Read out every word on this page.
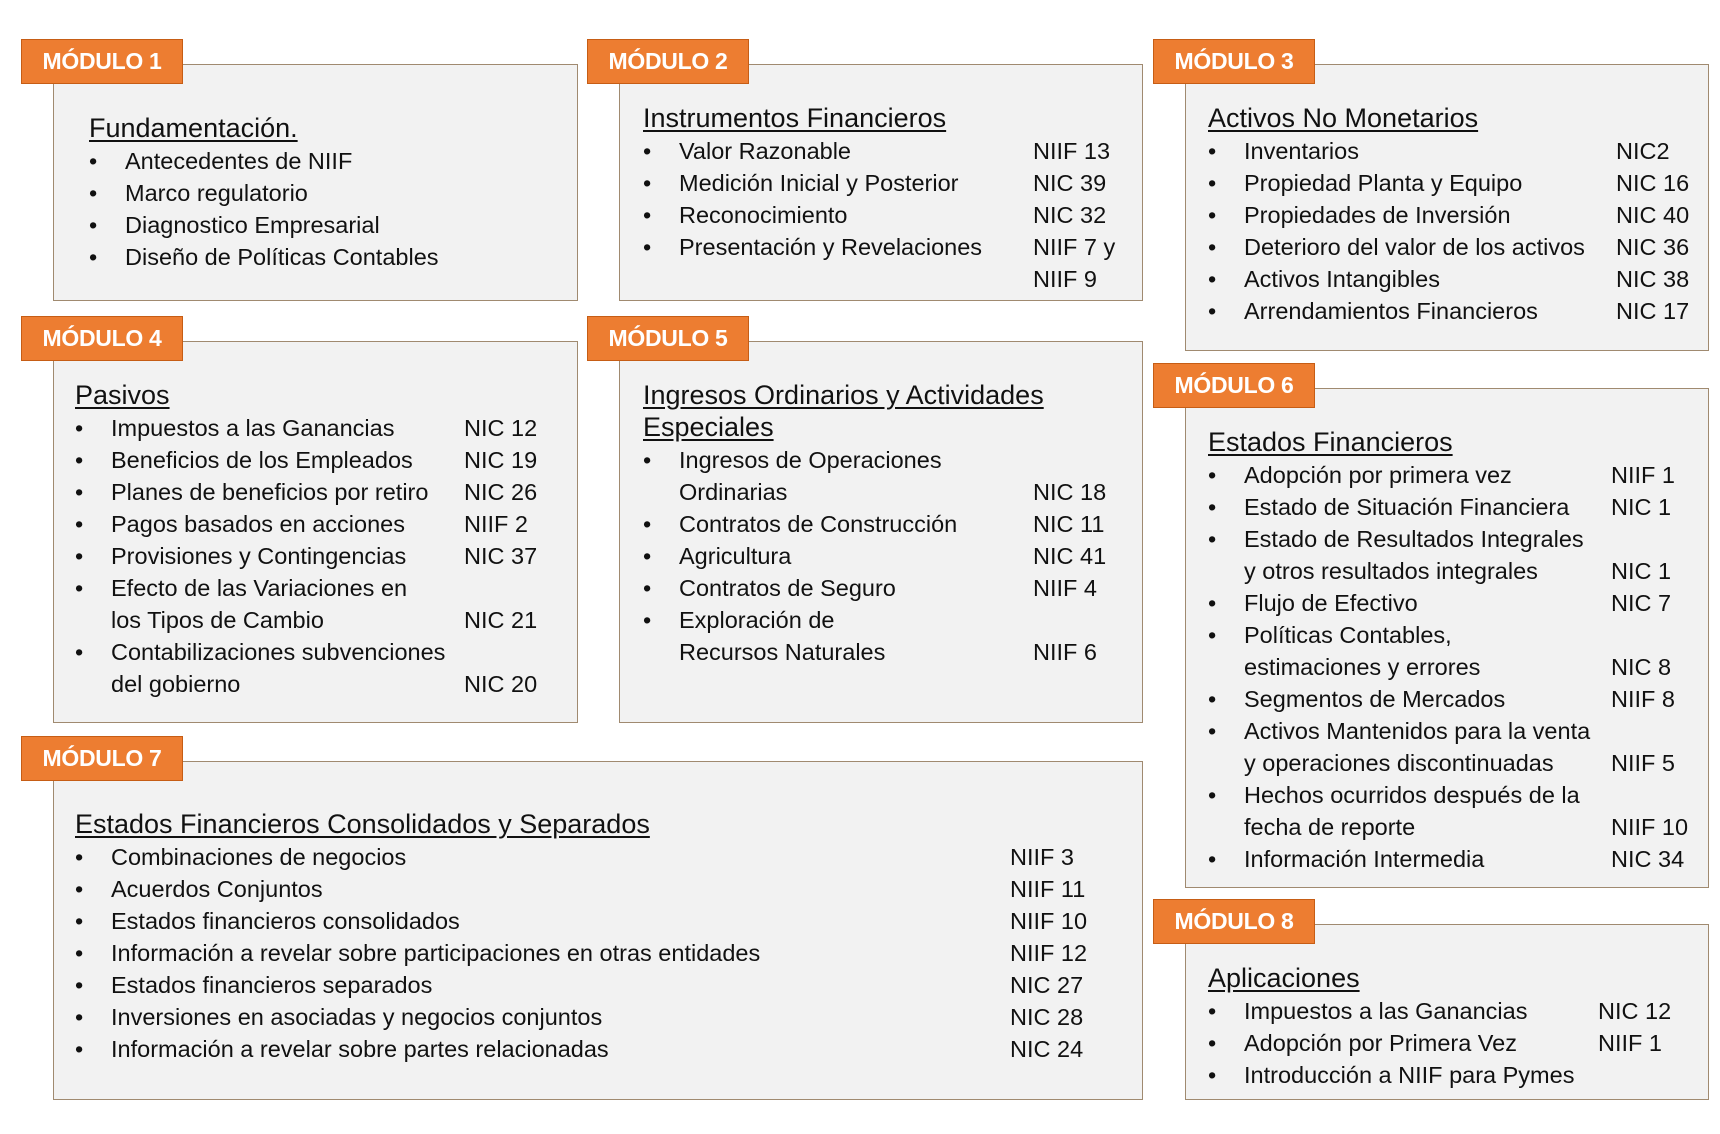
MÓDULO 1
Fundamentación.
• Antecedentes de NIIF
• Marco regulatorio
• Diagnostico Empresarial
• Diseño de Políticas Contables
MÓDULO 2
Instrumentos Financieros
• Valor Razonable	NIIF 13
• Medición Inicial y Posterior	NIC 39
• Reconocimiento	NIC 32
• Presentación y Revelaciones NIIF 7 y
NIIF 9
MÓDULO 3
Activos No Monetarios
• Inventarios	NIC2
• Propiedad Planta y Equipo	NIC 16
• Propiedades de Inversión	NIC 40
• Deterioro del valor de los activos NIC 36
• Activos Intangibles	NIC 38
• Arrendamientos Financieros	NIC 17
MÓDULO 4
Pasivos
• Impuestos a las Ganancias	NIC 12
• Beneficios de los Empleados NIC 19
• Planes de beneficios por retiro NIC 26
• Pagos basados en acciones	NIIF 2
• Provisiones y Contingencias NIC 37
• Efecto de las Variaciones en
los Tipos de Cambio	NIC 21
• Contabilizaciones subvenciones
del gobierno	NIC 20
MÓDULO 5
Ingresos Ordinarios y Actividades
Especiales
• Ingresos de Operaciones
Ordinarias	NIC 18
• Contratos de Construcción	NIC 11
• Agricultura	NIC 41
• Contratos de Seguro	NIIF 4
• Exploración de
Recursos Naturales	NIIF 6
MÓDULO 6
Estados Financieros
• Adopción por primera vez	NIIF 1
• Estado de Situación Financiera NIC 1
• Estado de Resultados Integrales
y otros resultados integrales	NIC 1
• Flujo de Efectivo	NIC 7
• Políticas Contables,
estimaciones y errores	NIC 8
• Segmentos de Mercados	NIIF 8
• Activos Mantenidos para la venta
y operaciones discontinuadas NIIF 5
• Hechos ocurridos después de la
fecha de reporte	NIIF 10
• Información Intermedia	NIC 34
MÓDULO 7
Estados Financieros Consolidados y Separados
• Combinaciones de negocios	NIIF 3
• Acuerdos Conjuntos	NIIF 11
• Estados financieros consolidados	NIIF 10
• Información a revelar sobre participaciones en otras entidades	NIIF 12
• Estados financieros separados	NIC 27
• Inversiones en asociadas y negocios conjuntos	NIC 28
• Información a revelar sobre partes relacionadas	NIC 24
MÓDULO 8
Aplicaciones
• Impuestos a las Ganancias	NIC 12
• Adopción por Primera Vez	NIIF 1
• Introducción a NIIF para Pymes
